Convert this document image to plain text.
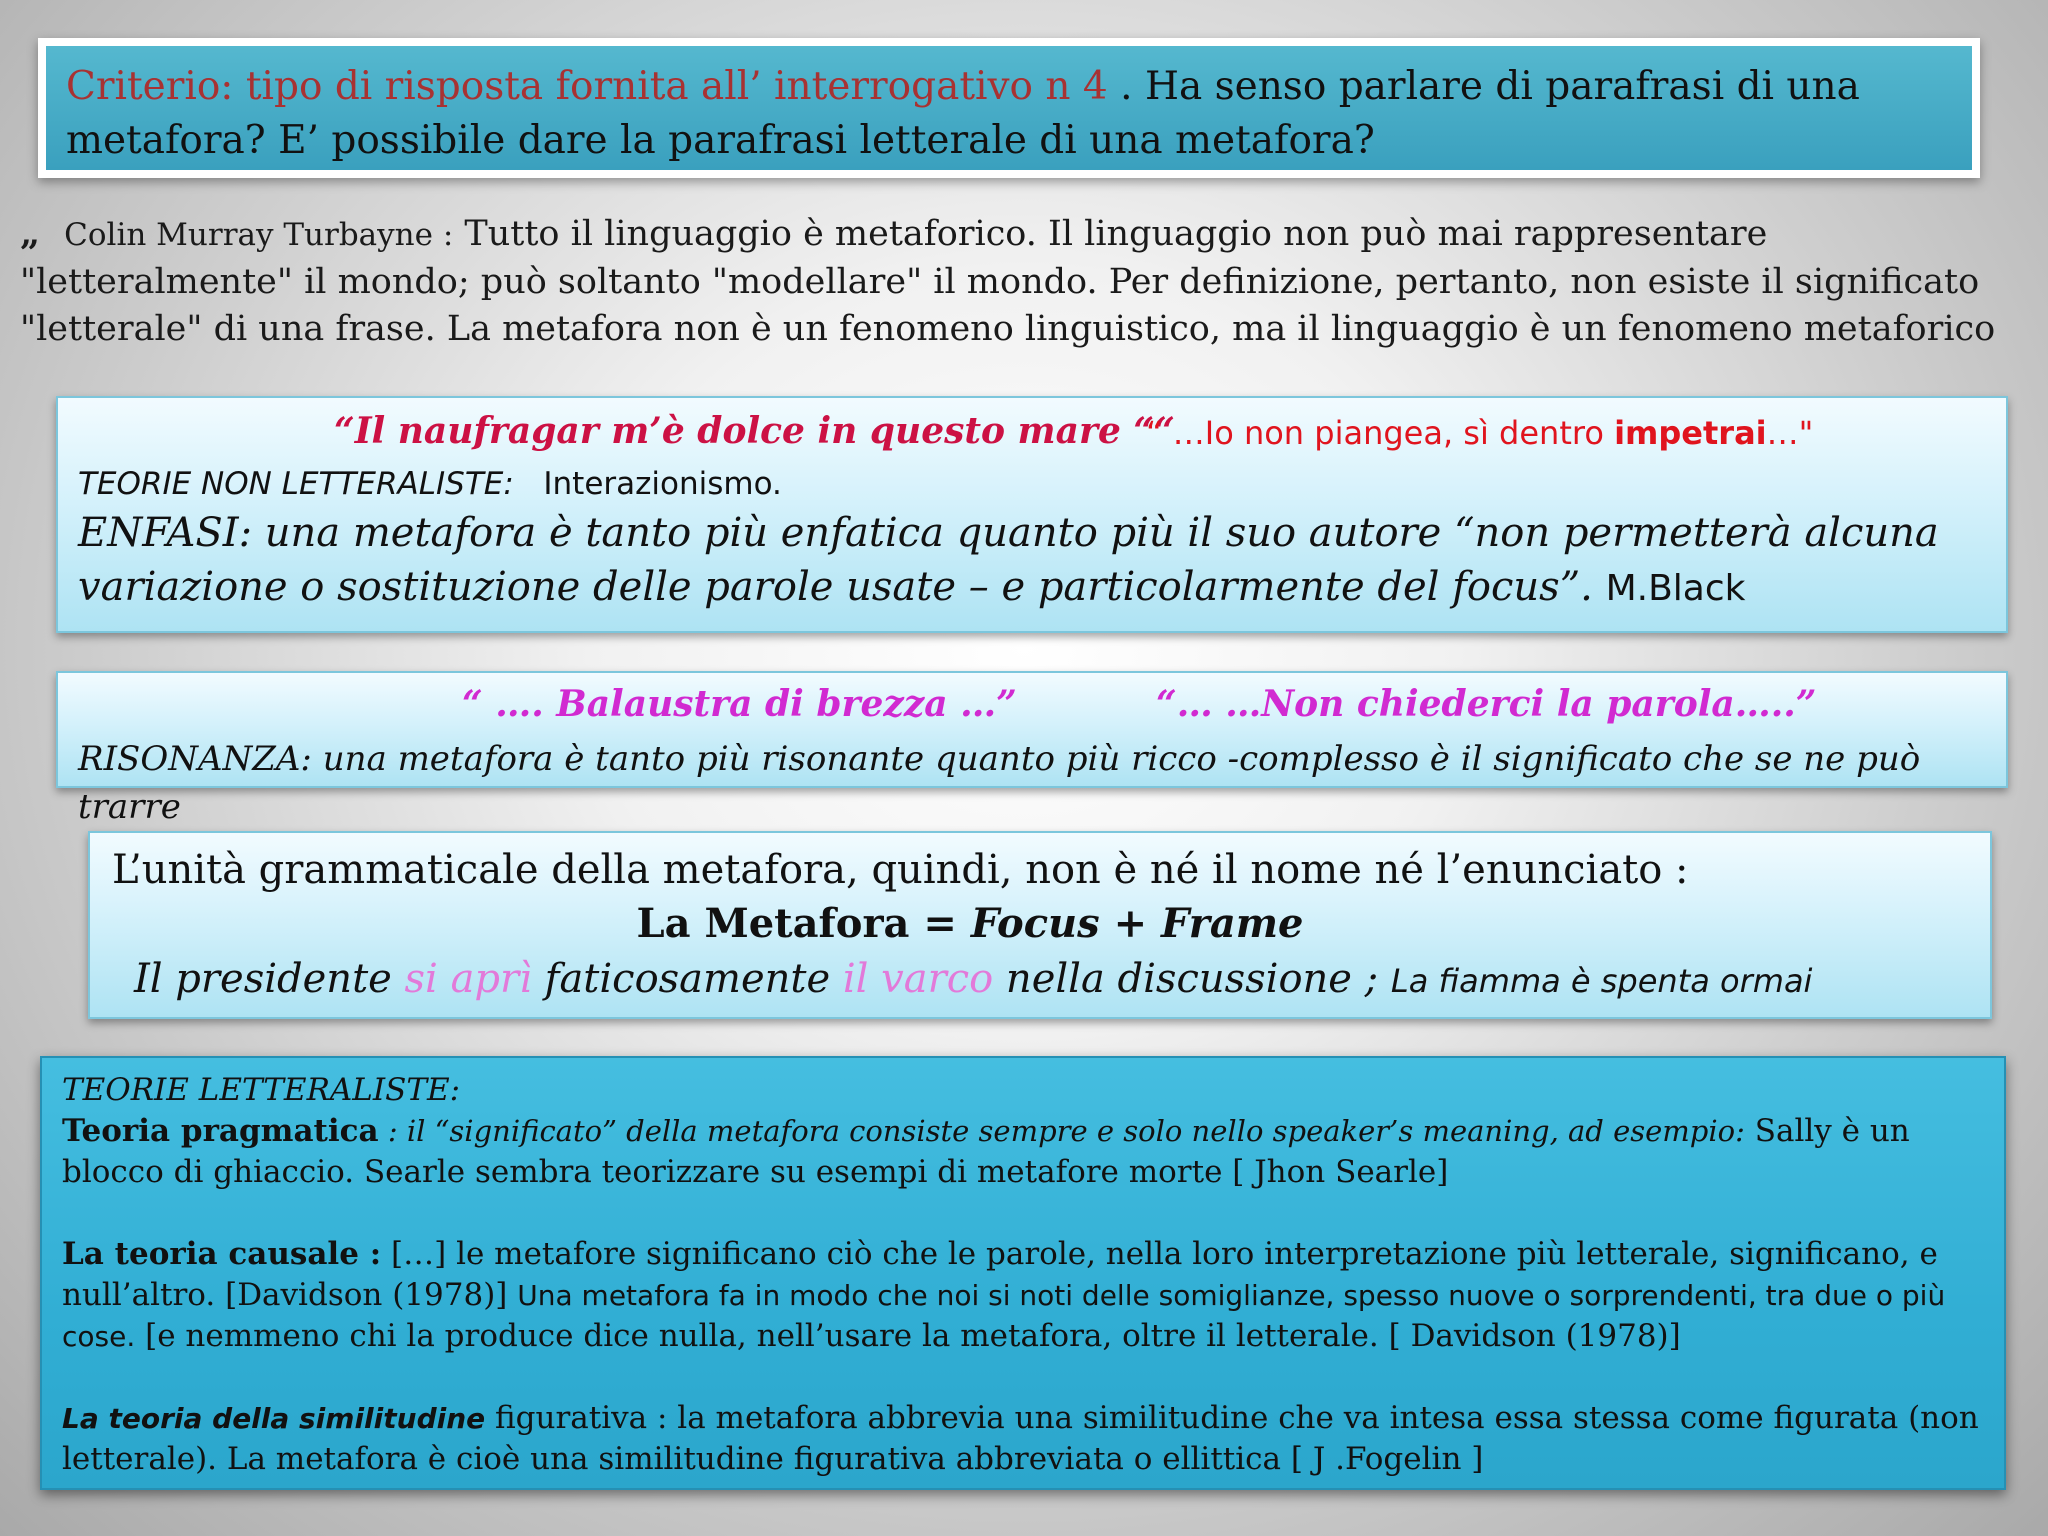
Criterio: tipo di risposta fornita all’ interrogativo n 4 . Ha senso parlare di parafrasi di una metafora? E’ possibile dare la parafrasi letterale di una metafora?
„ Colin Murray Turbayne : Tutto il linguaggio è metaforico. Il linguaggio non può mai rappresentare "letteralmente" il mondo; può soltanto "modellare" il mondo. Per definizione, pertanto, non esiste il significato "letterale" di una frase. La metafora non è un fenomeno linguistico, ma il linguaggio è un fenomeno metaforico
“Il naufragar m’è dolce in questo mare ““
“ …Io non piangea, sì dentro impetrai…"
TEORIE NON LETTERALISTE: Interazionismo.
ENFASI: una metafora è tanto più enfatica quanto più il suo autore “non permetterà alcuna variazione o sostituzione delle parole usate – e particolarmente del focus”. M.Black
“ …. Balaustra di brezza …”	“… …Non chiederci la parola…..”
RISONANZA: una metafora è tanto più risonante quanto più ricco -complesso è il significato che se ne può trarre
L’unità grammaticale della metafora, quindi, non è né il nome né l’enunciato :
La Metafora = Focus + Frame
Il presidente si aprì faticosamente il varco nella discussione ; La fiamma è spenta ormai

TEORIE LETTERALISTE:

Teoria pragmatica : il “significato” della metafora consiste sempre e solo nello speaker’s meaning, ad esempio: Sally è un blocco di ghiaccio. Searle sembra teorizzare su esempi di metafore morte [ Jhon Searle]

La teoria causale : […] le metafore significano ciò che le parole, nella loro interpretazione più letterale, significano, e null’altro. [Davidson (1978)] Una metafora fa in modo che noi si noti delle somiglianze, spesso nuove o sorprendenti, tra due o più cose. [e nemmeno chi la produce dice nulla, nell’usare la metafora, oltre il letterale. [ Davidson (1978)]

La teoria della similitudine figurativa : la metafora abbrevia una similitudine che va intesa essa stessa come figurata (non letterale). La metafora è cioè una similitudine figurativa abbreviata o ellittica [ J .Fogelin ]
